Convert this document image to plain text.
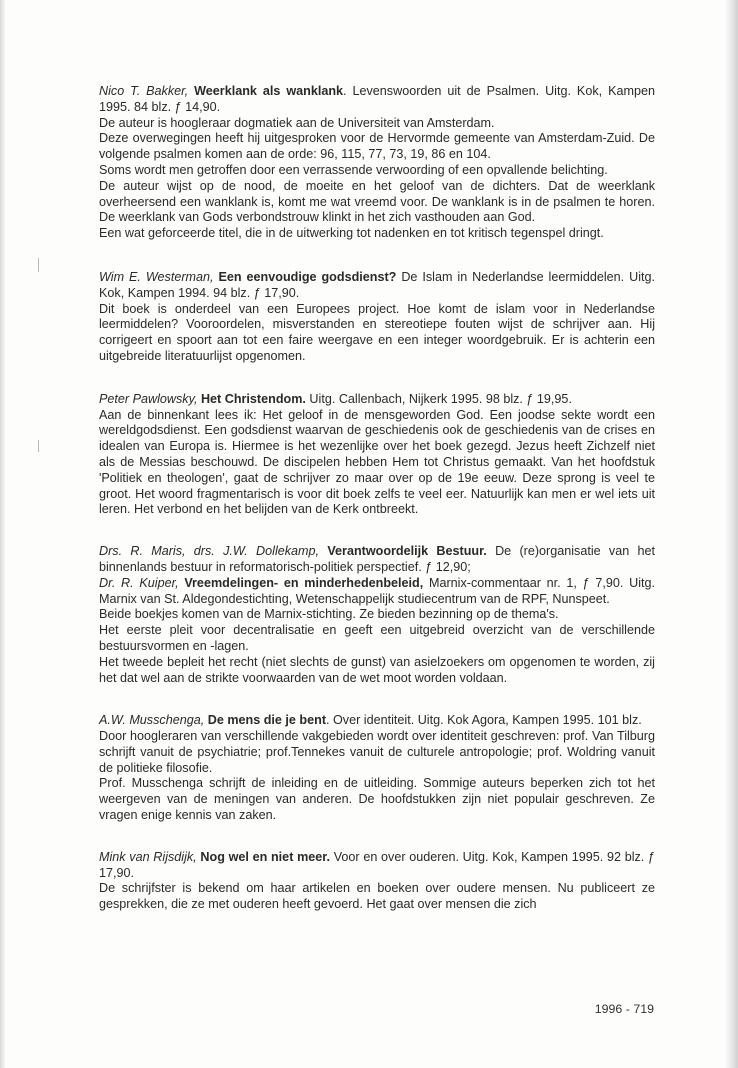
Nico T. Bakker, Weerklank als wanklank. Levenswoorden uit de Psalmen. Uitg. Kok, Kampen 1995. 84 blz. ƒ 14,90.

De auteur is hoogleraar dogmatiek aan de Universiteit van Amsterdam.

Deze overwegingen heeft hij uitgesproken voor de Hervormde gemeente van Amsterdam-Zuid. De volgende psalmen komen aan de orde: 96, 115, 77, 73, 19, 86 en 104.

Soms wordt men getroffen door een verrassende verwoording of een opvallende belichting.

De auteur wijst op de nood, de moeite en het geloof van de dichters. Dat de weerklank overheersend een wanklank is, komt me wat vreemd voor. De wanklank is in de psalmen te horen. De weerklank van Gods verbondstrouw klinkt in het zich vasthouden aan God.

Een wat geforceerde titel, die in de uitwerking tot nadenken en tot kritisch tegenspel dringt.

Wim E. Westerman, Een eenvoudige godsdienst? De Islam in Nederlandse leermiddelen. Uitg. Kok, Kampen 1994. 94 blz. ƒ 17,90.

Dit boek is onderdeel van een Europees project. Hoe komt de islam voor in Nederlandse leermiddelen? Vooroordelen, misverstanden en stereotiepe fouten wijst de schrijver aan. Hij corrigeert en spoort aan tot een faire weergave en een integer woordgebruik. Er is achterin een uitgebreide literatuurlijst opgenomen.

Peter Pawlowsky, Het Christendom. Uitg. Callenbach, Nijkerk 1995. 98 blz. ƒ 19,95.

Aan de binnenkant lees ik: Het geloof in de mensgeworden God. Een joodse sekte wordt een wereldgodsdienst. Een godsdienst waarvan de geschiedenis ook de geschiedenis van de crises en idealen van Europa is. Hiermee is het wezenlijke over het boek gezegd. Jezus heeft Zichzelf niet als de Messias beschouwd. De discipelen hebben Hem tot Christus gemaakt. Van het hoofdstuk 'Politiek en theologen', gaat de schrijver zo maar over op de 19e eeuw. Deze sprong is veel te groot. Het woord fragmentarisch is voor dit boek zelfs te veel eer. Natuurlijk kan men er wel iets uit leren. Het verbond en het belijden van de Kerk ontbreekt.

Drs. R. Maris, drs. J.W. Dollekamp, Verantwoordelijk Bestuur. De (re)organisatie van het binnenlands bestuur in reformatorisch-politiek perspectief. ƒ 12,90;

Dr. R. Kuiper, Vreemdelingen- en minderhedenbeleid, Marnix-commentaar nr. 1, ƒ 7,90. Uitg. Marnix van St. Aldegondestichting, Wetenschappelijk studiecentrum van de RPF, Nunspeet.

Beide boekjes komen van de Marnix-stichting. Ze bieden bezinning op de thema's.

Het eerste pleit voor decentralisatie en geeft een uitgebreid overzicht van de verschillende bestuursvormen en -lagen.

Het tweede bepleit het recht (niet slechts de gunst) van asielzoekers om opgenomen te worden, zij het dat wel aan de strikte voorwaarden van de wet moot worden voldaan.

A.W. Musschenga, De mens die je bent. Over identiteit. Uitg. Kok Agora, Kampen 1995. 101 blz.

Door hoogleraren van verschillende vakgebieden wordt over identiteit geschreven: prof. Van Tilburg schrijft vanuit de psychiatrie; prof.Tennekes vanuit de culturele antropologie; prof. Woldring vanuit de politieke filosofie.

Prof. Musschenga schrijft de inleiding en de uitleiding. Sommige auteurs beperken zich tot het weergeven van de meningen van anderen. De hoofdstukken zijn niet populair geschreven. Ze vragen enige kennis van zaken.

Mink van Rijsdijk, Nog wel en niet meer. Voor en over ouderen. Uitg. Kok, Kampen 1995. 92 blz. ƒ 17,90.

De schrijfster is bekend om haar artikelen en boeken over oudere mensen. Nu publiceert ze gesprekken, die ze met ouderen heeft gevoerd. Het gaat over mensen die zich

1996 - 719
